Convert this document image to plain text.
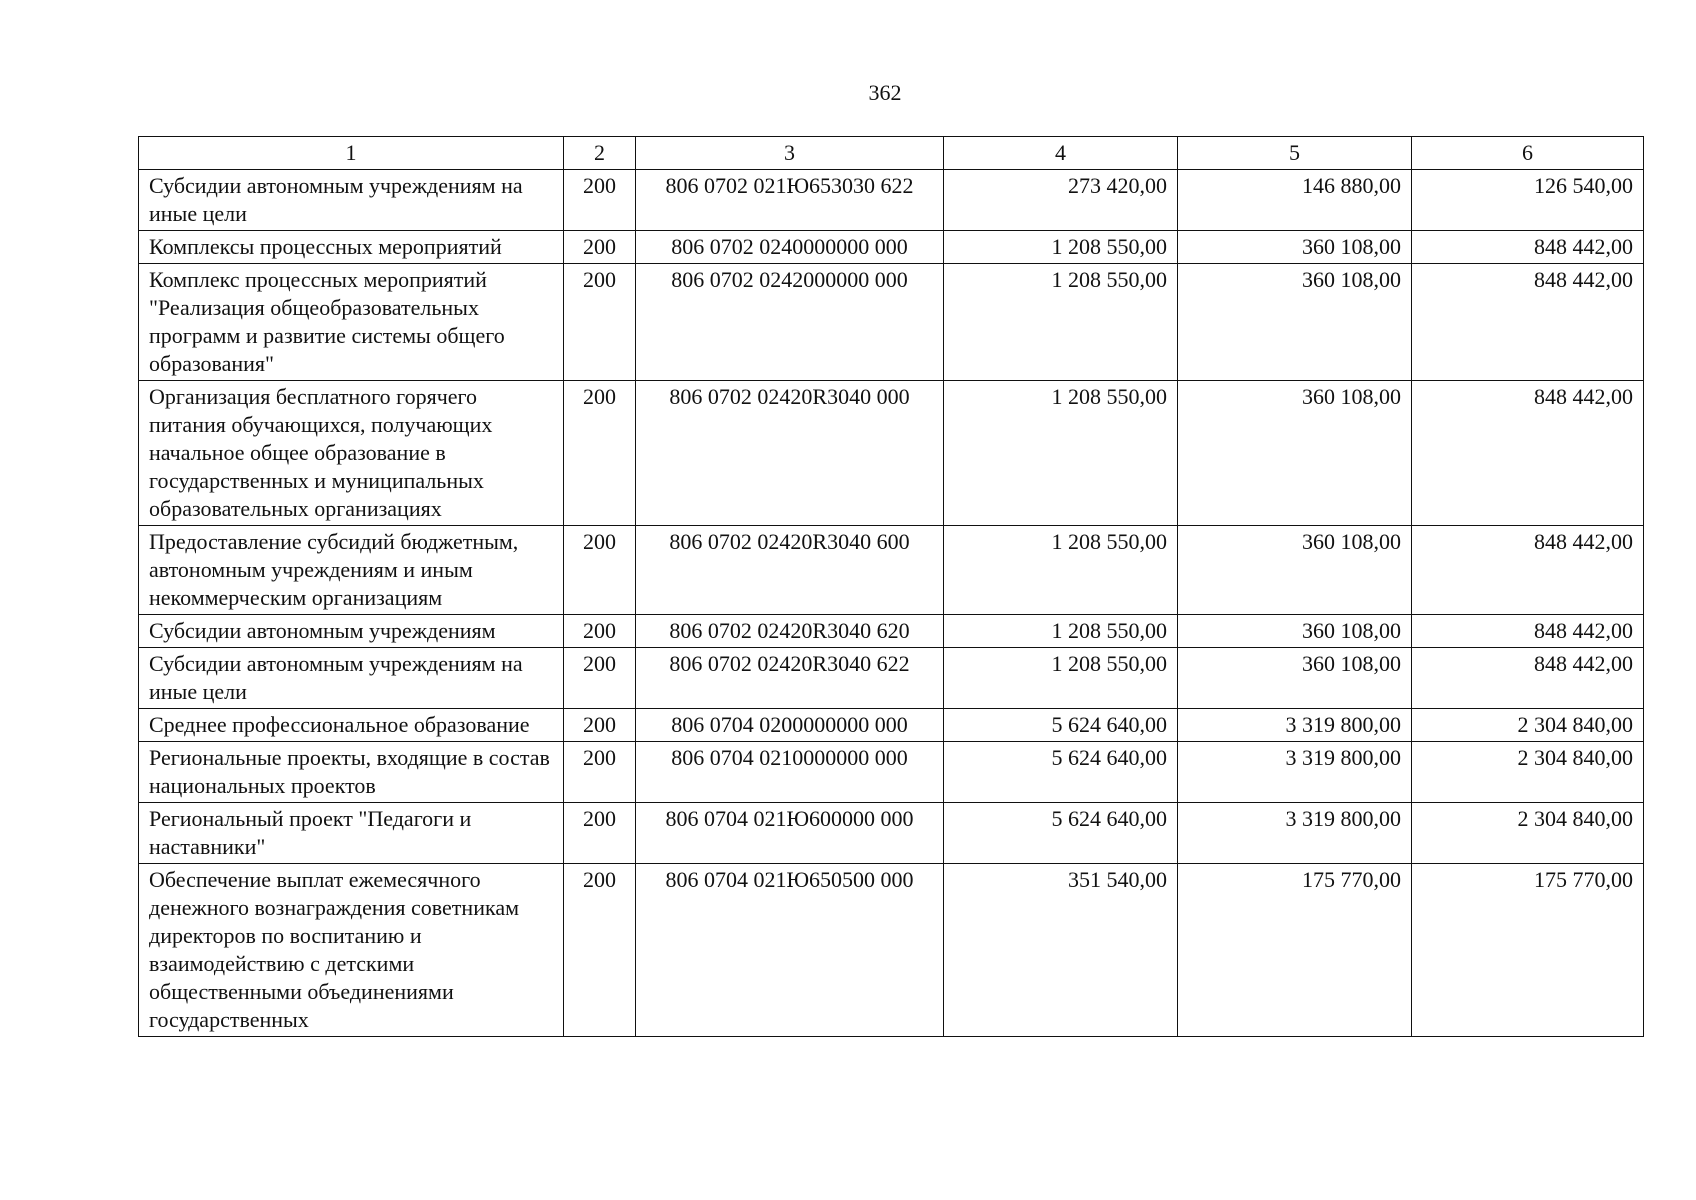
362
1	2	3	4	5	6
Субсидии автономным учреждениям на иные цели	200	806 0702 021Ю653030 622	273 420,00	146 880,00	126 540,00
Комплексы процессных мероприятий	200	806 0702 0240000000 000	1 208 550,00	360 108,00	848 442,00
Комплекс процессных мероприятий "Реализация общеобразовательных программ и развитие системы общего образования"	200	806 0702 0242000000 000	1 208 550,00	360 108,00	848 442,00
Организация бесплатного горячего питания обучающихся, получающих начальное общее образование в государственных и муниципальных образовательных организациях	200	806 0702 02420R3040 000	1 208 550,00	360 108,00	848 442,00
Предоставление субсидий бюджетным, автономным учреждениям и иным некоммерческим организациям	200	806 0702 02420R3040 600	1 208 550,00	360 108,00	848 442,00
Субсидии автономным учреждениям	200	806 0702 02420R3040 620	1 208 550,00	360 108,00	848 442,00
Субсидии автономным учреждениям на иные цели	200	806 0702 02420R3040 622	1 208 550,00	360 108,00	848 442,00
Среднее профессиональное образование	200	806 0704 0200000000 000	5 624 640,00	3 319 800,00	2 304 840,00
Региональные проекты, входящие в состав национальных проектов	200	806 0704 0210000000 000	5 624 640,00	3 319 800,00	2 304 840,00
Региональный проект "Педагоги и наставники"	200	806 0704 021Ю600000 000	5 624 640,00	3 319 800,00	2 304 840,00
Обеспечение выплат ежемесячного денежного вознаграждения советникам директоров по воспитанию и взаимодействию с детскими общественными объединениями государственных	200	806 0704 021Ю650500 000	351 540,00	175 770,00	175 770,00
